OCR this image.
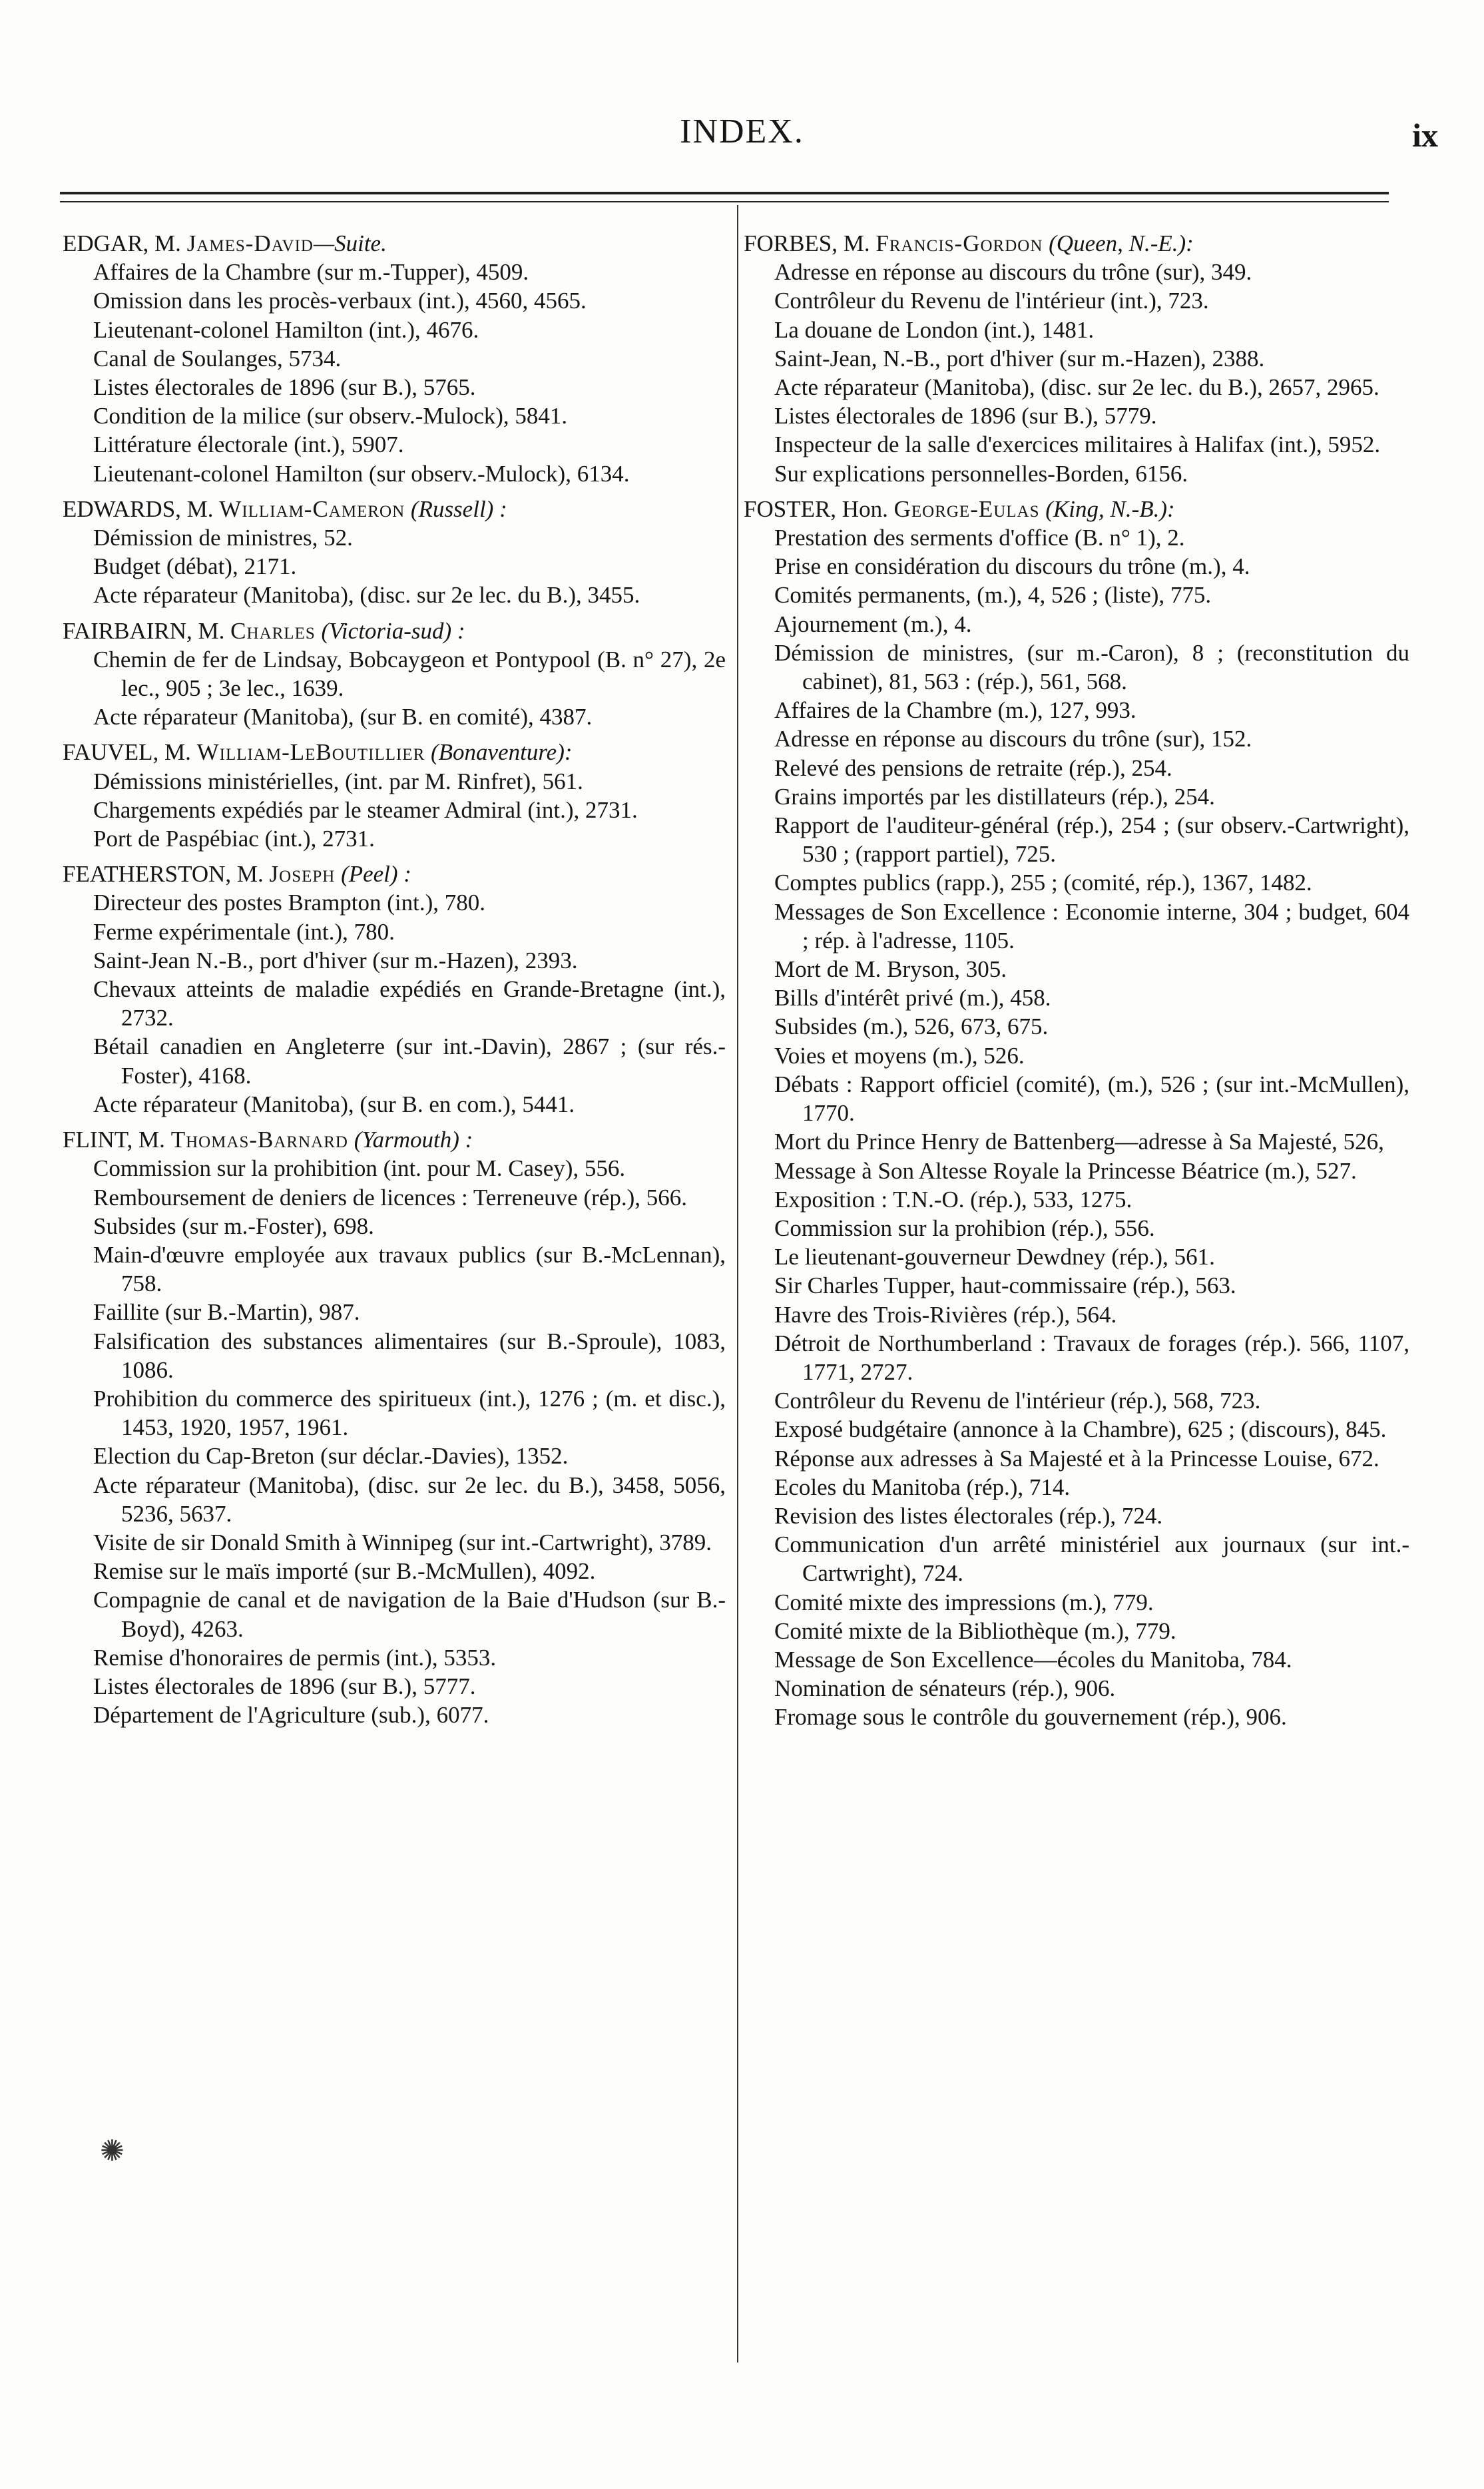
INDEX.	ix
EDGAR, M. James-David—Suite.
Affaires de la Chambre (sur m.-Tupper), 4509.
Omission dans les procès-verbaux (int.), 4560, 4565.
Lieutenant-colonel Hamilton (int.), 4676.
Canal de Soulanges, 5734.
Listes électorales de 1896 (sur B.), 5765.
Condition de la milice (sur observ.-Mulock), 5841.
Littérature électorale (int.), 5907.
Lieutenant-colonel Hamilton (sur observ.-Mulock), 6134.
EDWARDS, M. William-Cameron (Russell) :
Démission de ministres, 52.
Budget (débat), 2171.
Acte réparateur (Manitoba), (disc. sur 2e lec. du B.), 3455.
FAIRBAIRN, M. Charles (Victoria-sud) :
Chemin de fer de Lindsay, Bobcaygeon et Pontypool (B. n° 27), 2e lec., 905 ; 3e lec., 1639.
Acte réparateur (Manitoba), (sur B. en comité), 4387.
FAUVEL, M. William-LeBoutillier (Bonaventure):
Démissions ministérielles, (int. par M. Rinfret), 561.
Chargements expédiés par le steamer Admiral (int.), 2731.
Port de Paspébiac (int.), 2731.
FEATHERSTON, M. Joseph (Peel) :
Directeur des postes Brampton (int.), 780.
Ferme expérimentale (int.), 780.
Saint-Jean N.-B., port d'hiver (sur m.-Hazen), 2393.
Chevaux atteints de maladie expédiés en Grande-Bretagne (int.), 2732.
Bétail canadien en Angleterre (sur int.-Davin), 2867 ; (sur rés.-Foster), 4168.
Acte réparateur (Manitoba), (sur B. en com.), 5441.
FLINT, M. Thomas-Barnard (Yarmouth) :
Commission sur la prohibition (int. pour M. Casey), 556.
Remboursement de deniers de licences : Terreneuve (rép.), 566.
Subsides (sur m.-Foster), 698.
Main-d'œuvre employée aux travaux publics (sur B.-McLennan), 758.
Faillite (sur B.-Martin), 987.
Falsification des substances alimentaires (sur B.-Sproule), 1083, 1086.
Prohibition du commerce des spiritueux (int.), 1276 ; (m. et disc.), 1453, 1920, 1957, 1961.
Election du Cap-Breton (sur déclar.-Davies), 1352.
Acte réparateur (Manitoba), (disc. sur 2e lec. du B.), 3458, 5056, 5236, 5637.
Visite de sir Donald Smith à Winnipeg (sur int.-Cartwright), 3789.
Remise sur le maïs importé (sur B.-McMullen), 4092.
Compagnie de canal et de navigation de la Baie d'Hudson (sur B.-Boyd), 4263.
Remise d'honoraires de permis (int.), 5353.
Listes électorales de 1896 (sur B.), 5777.
Département de l'Agriculture (sub.), 6077.
FORBES, M. Francis-Gordon (Queen, N.-E.):
Adresse en réponse au discours du trône (sur), 349.
Contrôleur du Revenu de l'intérieur (int.), 723.
La douane de London (int.), 1481.
Saint-Jean, N.-B., port d'hiver (sur m.-Hazen), 2388.
Acte réparateur (Manitoba), (disc. sur 2e lec. du B.), 2657, 2965.
Listes électorales de 1896 (sur B.), 5779.
Inspecteur de la salle d'exercices militaires à Halifax (int.), 5952.
Sur explications personnelles-Borden, 6156.
FOSTER, Hon. George-Eulas (King, N.-B.):
Prestation des serments d'office (B. n° 1), 2.
Prise en considération du discours du trône (m.), 4.
Comités permanents, (m.), 4, 526 ; (liste), 775.
Ajournement (m.), 4.
Démission de ministres, (sur m.-Caron), 8 ; (reconstitution du cabinet), 81, 563 : (rép.), 561, 568.
Affaires de la Chambre (m.), 127, 993.
Adresse en réponse au discours du trône (sur), 152.
Relevé des pensions de retraite (rép.), 254.
Grains importés par les distillateurs (rép.), 254.
Rapport de l'auditeur-général (rép.), 254 ; (sur observ.-Cartwright), 530 ; (rapport partiel), 725.
Comptes publics (rapp.), 255 ; (comité, rép.), 1367, 1482.
Messages de Son Excellence : Economie interne, 304 ; budget, 604 ; rép. à l'adresse, 1105.
Mort de M. Bryson, 305.
Bills d'intérêt privé (m.), 458.
Subsides (m.), 526, 673, 675.
Voies et moyens (m.), 526.
Débats : Rapport officiel (comité), (m.), 526 ; (sur int.-McMullen), 1770.
Mort du Prince Henry de Battenberg—adresse à Sa Majesté, 526,
Message à Son Altesse Royale la Princesse Béatrice (m.), 527.
Exposition : T.N.-O. (rép.), 533, 1275.
Commission sur la prohibion (rép.), 556.
Le lieutenant-gouverneur Dewdney (rép.), 561.
Sir Charles Tupper, haut-commissaire (rép.), 563.
Havre des Trois-Rivières (rép.), 564.
Détroit de Northumberland : Travaux de forages (rép.). 566, 1107, 1771, 2727.
Contrôleur du Revenu de l'intérieur (rép.), 568, 723.
Exposé budgétaire (annonce à la Chambre), 625 ; (discours), 845.
Réponse aux adresses à Sa Majesté et à la Princesse Louise, 672.
Ecoles du Manitoba (rép.), 714.
Revision des listes électorales (rép.), 724.
Communication d'un arrêté ministériel aux journaux (sur int.-Cartwright), 724.
Comité mixte des impressions (m.), 779.
Comité mixte de la Bibliothèque (m.), 779.
Message de Son Excellence—écoles du Manitoba, 784.
Nomination de sénateurs (rép.), 906.
Fromage sous le contrôle du gouvernement (rép.), 906.
✺
